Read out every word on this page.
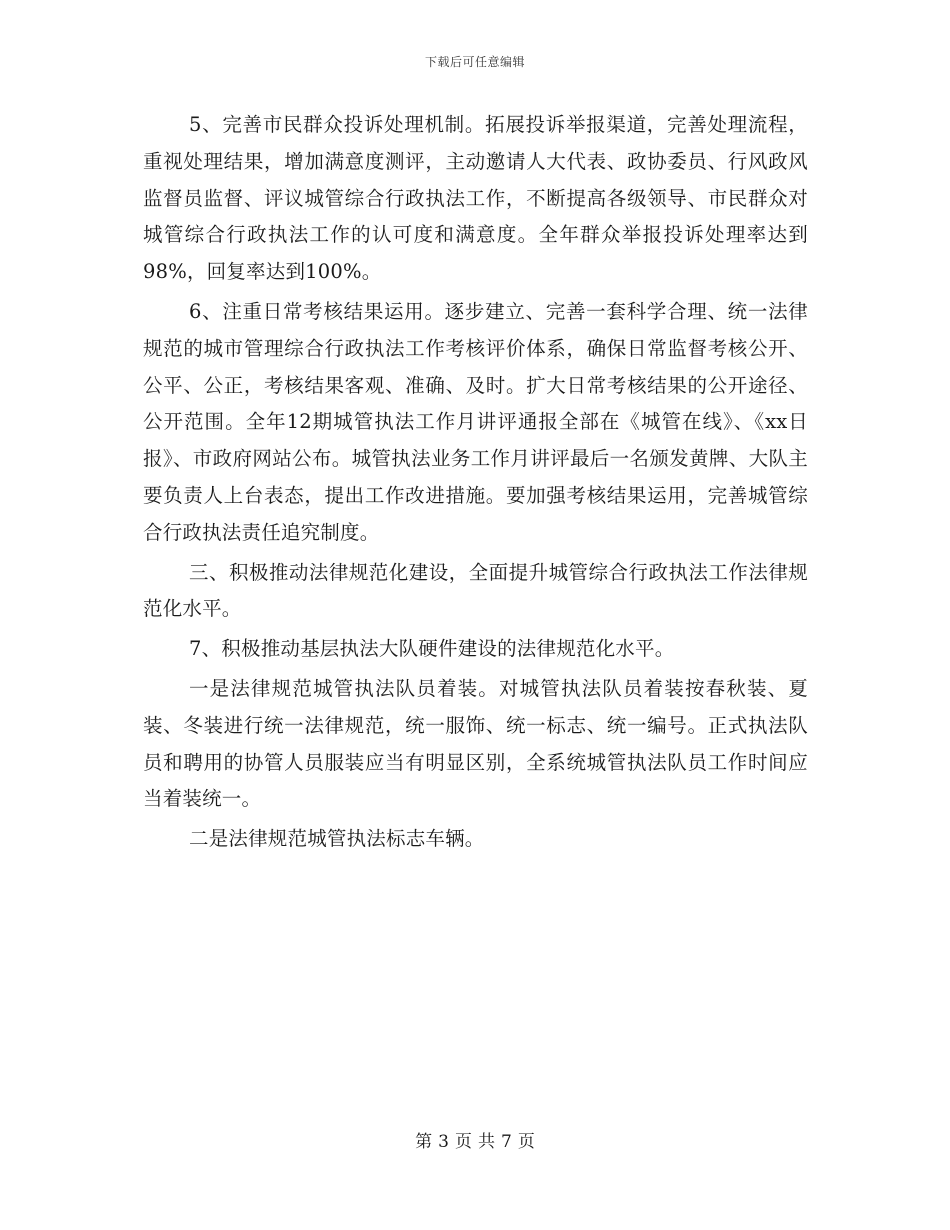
下载后可任意编辑

5、完善市民群众投诉处理机制。拓展投诉举报渠道，完善处理流程，重视处理结果，增加满意度测评，主动邀请人大代表、政协委员、行风政风监督员监督、评议城管综合行政执法工作，不断提高各级领导、市民群众对城管综合行政执法工作的认可度和满意度。全年群众举报投诉处理率达到98%，回复率达到100%。

6、注重日常考核结果运用。逐步建立、完善一套科学合理、统一法律规范的城市管理综合行政执法工作考核评价体系，确保日常监督考核公开、公平、公正，考核结果客观、准确、及时。扩大日常考核结果的公开途径、公开范围。全年12期城管执法工作月讲评通报全部在《城管在线》、《xx日报》、市政府网站公布。城管执法业务工作月讲评最后一名颁发黄牌、大队主要负责人上台表态，提出工作改进措施。要加强考核结果运用，完善城管综合行政执法责任追究制度。

三、积极推动法律规范化建设，全面提升城管综合行政执法工作法律规范化水平。

7、积极推动基层执法大队硬件建设的法律规范化水平。

一是法律规范城管执法队员着装。对城管执法队员着装按春秋装、夏装、冬装进行统一法律规范，统一服饰、统一标志、统一编号。正式执法队员和聘用的协管人员服装应当有明显区别，全系统城管执法队员工作时间应当着装统一。

二是法律规范城管执法标志车辆。

第 3 页 共 7 页
